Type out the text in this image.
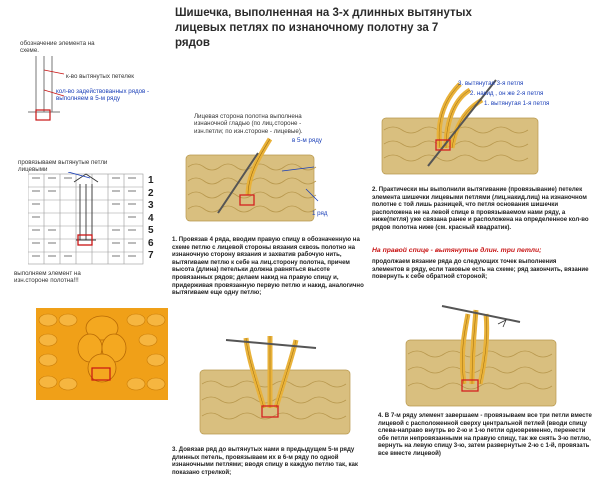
Шишечка, выполненная на 3-х длинных вытянутых лицевых петлях по изнаночному полотну за 7 рядов
обозначение элемента на схеме.
к-во вытянутых петелек
кол-во задействованных рядов - выполняем в 5-м ряду
провязываем вытянутые петли лицевыми
1
2
3
4
5
6
7
выполняем элемент на изн.стороне полотна!!!
Лицевая сторона полотна выполнена изнаночной гладью (по лиц.стороне - изн.петли; по изн.стороне - лицевые).
в 5-м ряду
1 ряд
1. Провязав 4 ряда, вводим правую спицу в обозначенную на схеме петлю с лицевой стороны вязания сквозь полотно на изнаночную сторону вязания и захватив рабочую нить, вытягиваем петлю к себе на лиц.сторону полотна, причем высота (длина) петельки должна равняться высоте провязанных рядов; делаем накид на правую спицу и, придерживая провязанную первую петлю и накид, аналогично вытягиваем еще одну петлю;
3. вытянутая 3-я петля
2. накид , он же 2-я петля
1. вытянутая 1-я петля
2. Практически мы выполнили вытягивание (провязывание) петелек элемента шишечки лицевыми петлями (лиц.накид.лиц) на изнаночном полотне с той лишь разницей, что петля основания шишечки расположена не на левой спице в провязываемом нами ряду, а ниже(петля) уже связана ранее и расположена на определенное кол-во рядов полотна ниже (см. красный квадратик).
На правой спице - вытянутые длин. три петли;
продолжаем вязание ряда до следующих точек выполнения элементов в ряду, если таковые есть на схеме; ряд закончить, вязание повернуть к себе обратной стороной;
3. Довязав ряд до вытянутых нами в предыдущем 5-м ряду длинных петель, провязываем их в 6-м ряду по одной изнаночными петлями; вводя спицу в каждую петлю так, как показано стрелкой;
4. В 7-м ряду элемент завершаем - провязываем все три петли вместе лицевой с расположенной сверху центральной петлей (вводи спицу слева-направо внутрь во 2-ю и 1-ю петли одновременно, перенести обе петли непровязанными на правую спицу, так же снять 3-ю петлю, вернуть на левую спицу 3-ю, затем развернутые 2-ю с 1-й, провязать все вместе лицевой)
